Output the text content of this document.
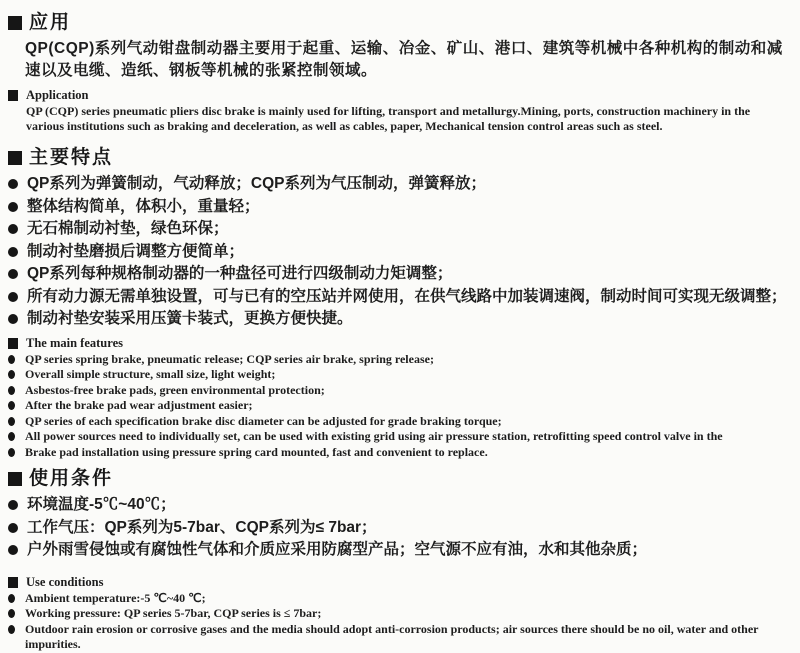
应用

QP(CQP)系列气动钳盘制动器主要用于起重、运输、冶金、矿山、港口、建筑等机械中各种机构的制动和减速以及电缆、造纸、钢板等机械的张紧控制领域。

Application

QP (CQP) series pneumatic pliers disc brake is mainly used for lifting, transport and metallurgy.Mining, ports, construction machinery in the various institutions such as braking and deceleration, as well as cables, paper, Mechanical tension control areas such as steel.

主要特点
QP系列为弹簧制动，气动释放；CQP系列为气压制动，弹簧释放；
整体结构简单，体积小，重量轻；
无石棉制动衬垫，绿色环保；
制动衬垫磨损后调整方便简单；
QP系列每种规格制动器的一种盘径可进行四级制动力矩调整；
所有动力源无需单独设置，可与已有的空压站并网使用，在供气线路中加装调速阀，制动时间可实现无级调整；
制动衬垫安装采用压簧卡装式，更换方便快捷。
The main features
QP series spring brake, pneumatic release; CQP series air brake, spring release;
Overall simple structure, small size, light weight;
Asbestos-free brake pads, green environmental protection;
After the brake pad wear adjustment easier;
QP series of each specification brake disc diameter can be adjusted for grade braking torque;
All power sources need to individually set, can be used with existing grid using air pressure station, retrofitting speed control valve in the
Brake pad installation using pressure spring card mounted, fast and convenient to replace.
使用条件
环境温度-5℃~40℃；
工作气压：QP系列为5-7bar、CQP系列为≤ 7bar；
户外雨雪侵蚀或有腐蚀性气体和介质应采用防腐型产品；空气源不应有油，水和其他杂质；
Use conditions
Ambient temperature:-5 ℃~40 ℃;
Working pressure: QP series 5-7bar, CQP series is ≤ 7bar;
Outdoor rain erosion or corrosive gases and the media should adopt anti-corrosion products; air sources there should be no oil, water and other impurities.
